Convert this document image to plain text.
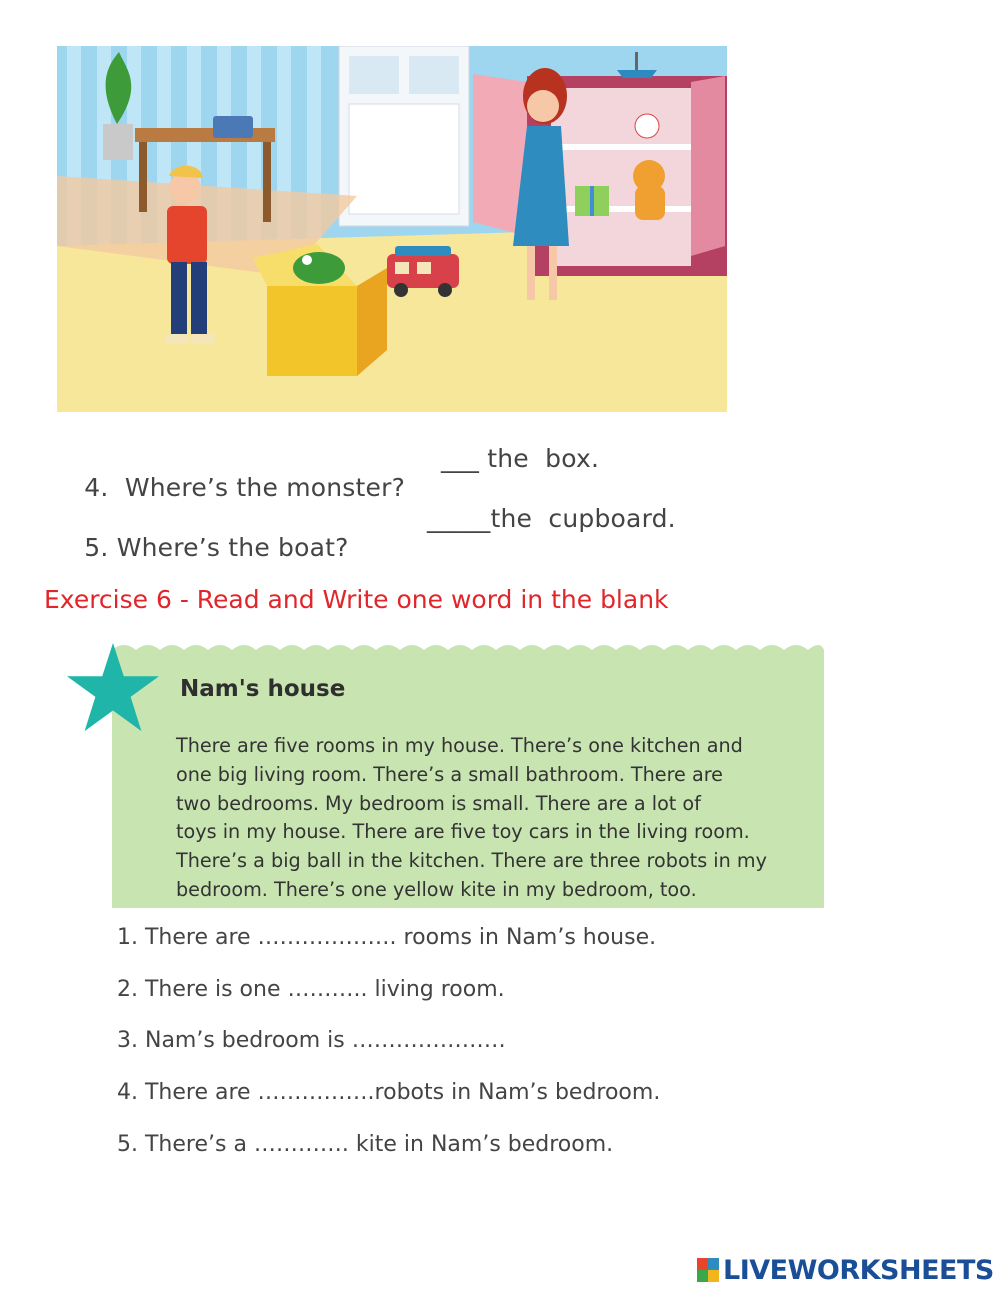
4.  Where’s the monster?

___ the  box.

5. Where’s the boat?

_____the  cupboard.
Exercise 6 - Read and Write one word in the blank
Nam's house
There are five rooms in my house. There’s one kitchen and
one big living room. There’s a small bathroom. There are
two bedrooms. My bedroom is small. There are a lot of
toys in my house. There are five toy cars in the living room.
There’s a big ball in the kitchen. There are three robots in my
bedroom. There’s one yellow kite in my bedroom, too.
1. There are ………………. rooms in Nam’s house.
2. There is one ……….. living room.
3. Nam’s bedroom is …………………
4. There are …………….robots in Nam’s bedroom.
5. There’s a …………. kite in Nam’s bedroom.
LIVEWORKSHEETS
